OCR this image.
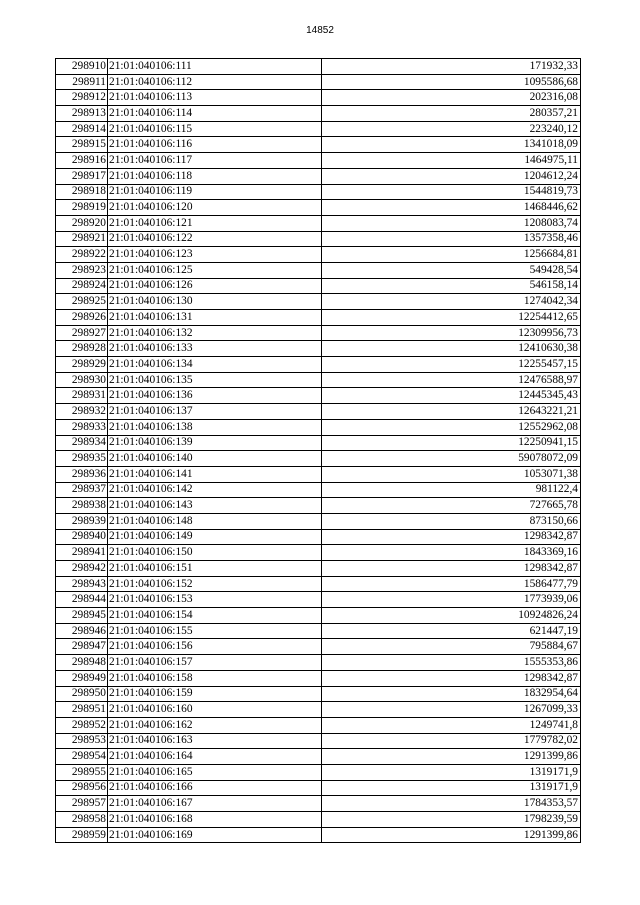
14852
298910	21:01:040106:111	171932,33
298911	21:01:040106:112	1095586,68
298912	21:01:040106:113	202316,08
298913	21:01:040106:114	280357,21
298914	21:01:040106:115	223240,12
298915	21:01:040106:116	1341018,09
298916	21:01:040106:117	1464975,11
298917	21:01:040106:118	1204612,24
298918	21:01:040106:119	1544819,73
298919	21:01:040106:120	1468446,62
298920	21:01:040106:121	1208083,74
298921	21:01:040106:122	1357358,46
298922	21:01:040106:123	1256684,81
298923	21:01:040106:125	549428,54
298924	21:01:040106:126	546158,14
298925	21:01:040106:130	1274042,34
298926	21:01:040106:131	12254412,65
298927	21:01:040106:132	12309956,73
298928	21:01:040106:133	12410630,38
298929	21:01:040106:134	12255457,15
298930	21:01:040106:135	12476588,97
298931	21:01:040106:136	12445345,43
298932	21:01:040106:137	12643221,21
298933	21:01:040106:138	12552962,08
298934	21:01:040106:139	12250941,15
298935	21:01:040106:140	59078072,09
298936	21:01:040106:141	1053071,38
298937	21:01:040106:142	981122,4
298938	21:01:040106:143	727665,78
298939	21:01:040106:148	873150,66
298940	21:01:040106:149	1298342,87
298941	21:01:040106:150	1843369,16
298942	21:01:040106:151	1298342,87
298943	21:01:040106:152	1586477,79
298944	21:01:040106:153	1773939,06
298945	21:01:040106:154	10924826,24
298946	21:01:040106:155	621447,19
298947	21:01:040106:156	795884,67
298948	21:01:040106:157	1555353,86
298949	21:01:040106:158	1298342,87
298950	21:01:040106:159	1832954,64
298951	21:01:040106:160	1267099,33
298952	21:01:040106:162	1249741,8
298953	21:01:040106:163	1779782,02
298954	21:01:040106:164	1291399,86
298955	21:01:040106:165	1319171,9
298956	21:01:040106:166	1319171,9
298957	21:01:040106:167	1784353,57
298958	21:01:040106:168	1798239,59
298959	21:01:040106:169	1291399,86
